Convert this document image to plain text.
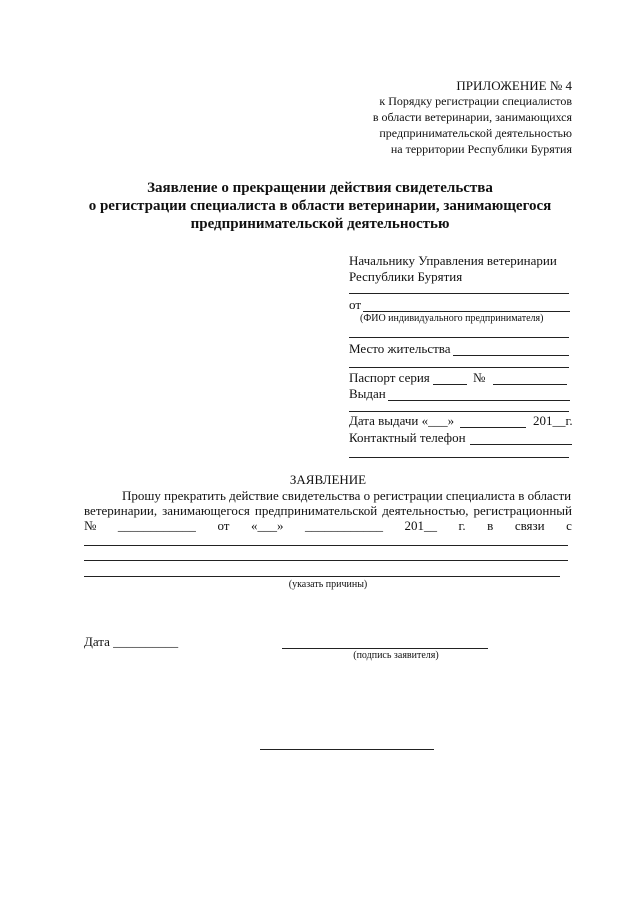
ПРИЛОЖЕНИЕ № 4
к Порядку регистрации специалистов
в области ветеринарии, занимающихся
предпринимательской деятельностью
на территории Республики Бурятия
Заявление о прекращении действия свидетельства
о регистрации специалиста в области ветеринарии, занимающегося
предпринимательской деятельностью
Начальнику Управления ветеринарии
Республики Бурятия
от
(ФИО индивидуального предпринимателя)
Место жительства
Паспорт серия	№
Выдан
Дата выдачи «___»	201__г.
Контактный телефон
ЗАЯВЛЕНИЕ
Прошу прекратить действие свидетельства о регистрации специалиста в области
ветеринарии, занимающегося предпринимательской деятельностью, регистрационный
№ ____________ от «___» ____________ 201__ г. в связи с
(указать причины)
Дата __________
(подпись заявителя)
